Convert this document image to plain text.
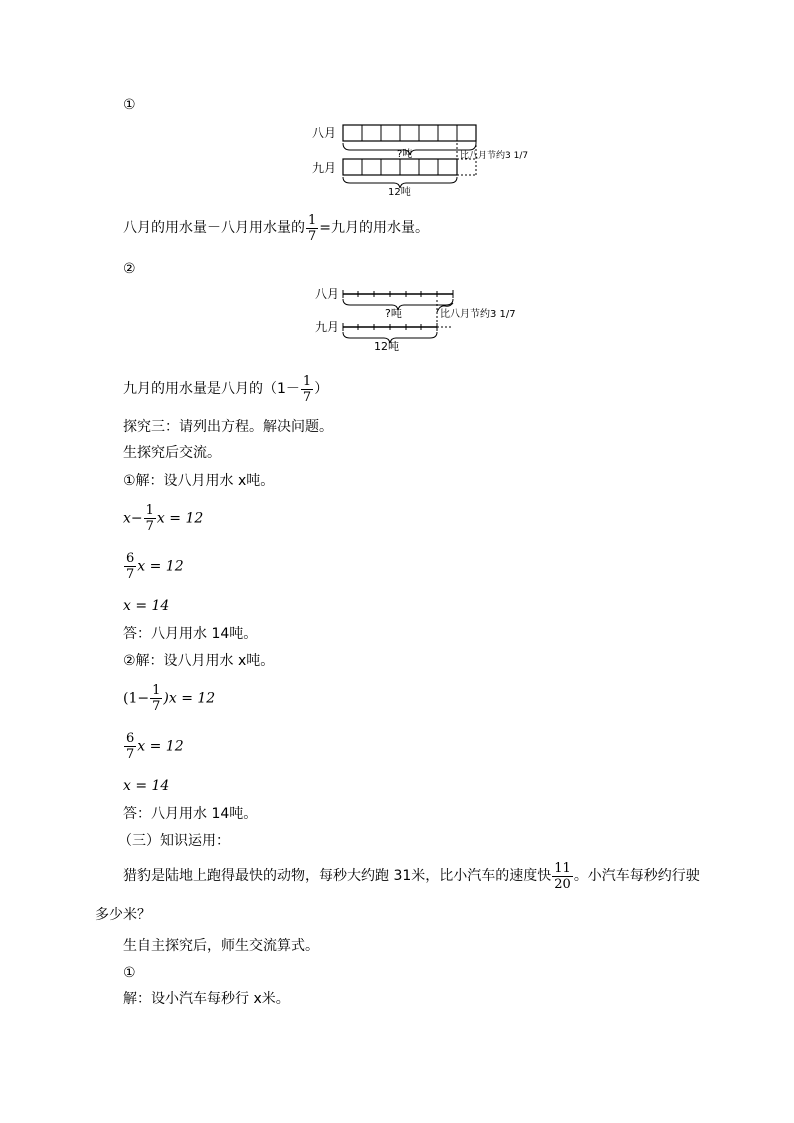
①
八月
九月
?吨
12吨
比八月节约3 1/7
八月的用水量－八月用水量的 $\frac{1}{7}$ =九月的用水量。
②
八月
九月
?吨
12吨
比八月节约3 1/7
九月的用水量是八月的（$1- \frac{1}{7}$ ）
探究三：请列出方程。解决问题。
生探究后交流。
①解：设八月用水 x吨。
$x- \frac{1}{7}$ x = 12
$\frac{6}{7}$ x = 12
x = 14
答：八月用水 14吨。
②解：设八月用水 x吨。
$(1- \frac{1}{7} )x = 12$
$\frac{6}{7}$ x = 12
x = 14
答：八月用水 14吨。
（三）知识运用：
猎豹是陆地上跑得最快的动物，每秒大约跑 31米，比小汽车的速度快 $\frac{11}{20}$ 。小汽车每秒约行驶
多少米？
生自主探究后，师生交流算式。
①
解：设小汽车每秒行 x米。
